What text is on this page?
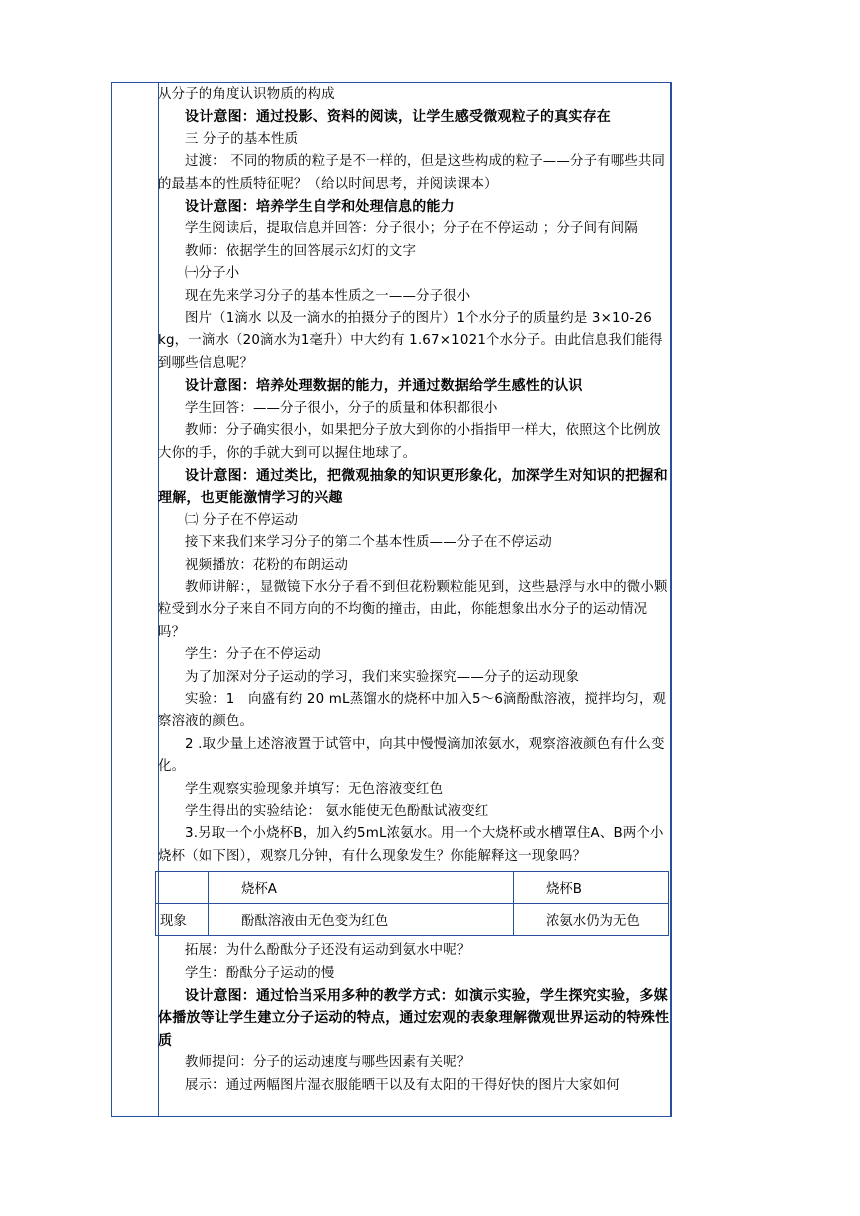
从分子的角度认识物质的构成

设计意图：通过投影、资料的阅读，让学生感受微观粒子的真实存在

三 分子的基本性质

过渡： 不同的物质的粒子是不一样的，但是这些构成的粒子——分子有哪些共同的最基本的性质特征呢？（给以时间思考，并阅读课本）

设计意图：培养学生自学和处理信息的能力

学生阅读后，提取信息并回答：分子很小；分子在不停运动 ；分子间有间隔

教师：依据学生的回答展示幻灯的文字

㈠分子小

现在先来学习分子的基本性质之一——分子很小

图片（1滴水 以及一滴水的拍摄分子的图片）1个水分子的质量约是 3×10-26 kg，一滴水（20滴水为1毫升）中大约有 1.67×1021个水分子。由此信息我们能得到哪些信息呢？

设计意图：培养处理数据的能力，并通过数据给学生感性的认识

学生回答：——分子很小，分子的质量和体积都很小

教师：分子确实很小，如果把分子放大到你的小指指甲一样大，依照这个比例放大你的手，你的手就大到可以握住地球了。

设计意图：通过类比，把微观抽象的知识更形象化，加深学生对知识的把握和理解，也更能激情学习的兴趣

㈡ 分子在不停运动

接下来我们来学习分子的第二个基本性质——分子在不停运动

视频播放：花粉的布朗运动

教师讲解：，显微镜下水分子看不到但花粉颗粒能见到，这些悬浮与水中的微小颗粒受到水分子来自不同方向的不均衡的撞击，由此，你能想象出水分子的运动情况吗？

学生：分子在不停运动

为了加深对分子运动的学习，我们来实验探究——分子的运动现象

实验：1　向盛有约 20 mL蒸馏水的烧杯中加入5～6滴酚酞溶液，搅拌均匀，观察溶液的颜色。

2 .取少量上述溶液置于试管中，向其中慢慢滴加浓氨水，观察溶液颜色有什么变化。

学生观察实验现象并填写：无色溶液变红色

学生得出的实验结论： 氨水能使无色酚酞试液变红

3.另取一个小烧杯B，加入约5mL浓氨水。用一个大烧杯或水槽罩住A、B两个小烧杯（如下图），观察几分钟，有什么现象发生？你能解释这一现象吗？

	烧杯A	烧杯B
现象	酚酞溶液由无色变为红色	浓氨水仍为无色

拓展：为什么酚酞分子还没有运动到氨水中呢？

学生：酚酞分子运动的慢

设计意图：通过恰当采用多种的教学方式：如演示实验，学生探究实验，多媒体播放等让学生建立分子运动的特点，通过宏观的表象理解微观世界运动的特殊性质

教师提问：分子的运动速度与哪些因素有关呢？

展示：通过两幅图片湿衣服能晒干以及有太阳的干得好快的图片大家如何
